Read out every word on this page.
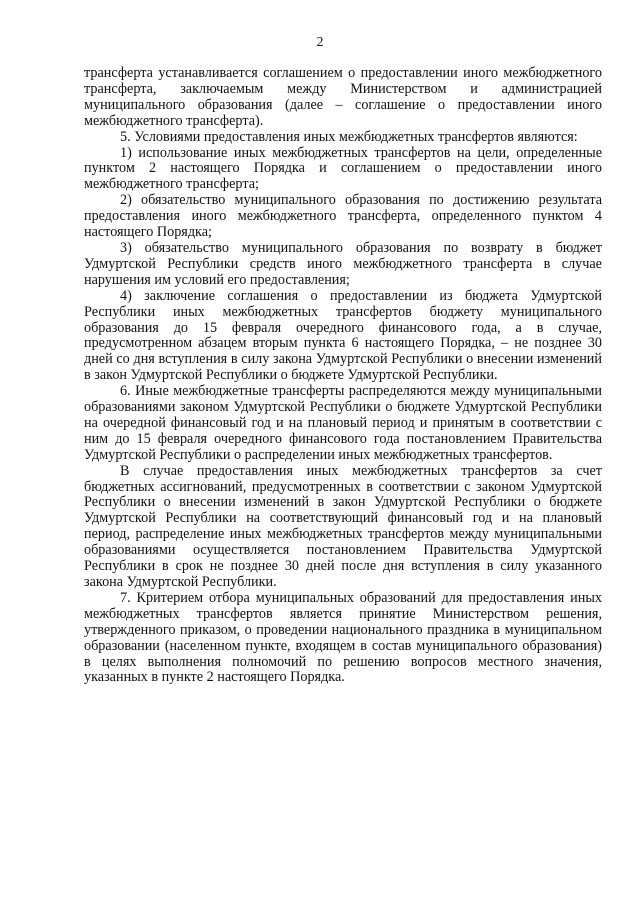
2

трансферта устанавливается соглашением о предоставлении иного межбюджетного трансферта, заключаемым между Министерством и администрацией муниципального образования (далее – соглашение о предоставлении иного межбюджетного трансферта).

5. Условиями предоставления иных межбюджетных трансфертов являются:

1) использование иных межбюджетных трансфертов на цели, определенные пунктом 2 настоящего Порядка и соглашением о предоставлении иного межбюджетного трансферта;

2) обязательство муниципального образования по достижению результата предоставления иного межбюджетного трансферта, определенного пунктом 4 настоящего Порядка;

3) обязательство муниципального образования по возврату в бюджет Удмуртской Республики средств иного межбюджетного трансферта в случае нарушения им условий его предоставления;

4) заключение соглашения о предоставлении из бюджета Удмуртской Республики иных межбюджетных трансфертов бюджету муниципального образования до 15 февраля очередного финансового года, а в случае, предусмотренном абзацем вторым пункта 6 настоящего Порядка, – не позднее 30 дней со дня вступления в силу закона Удмуртской Республики о внесении изменений в закон Удмуртской Республики о бюджете Удмуртской Республики.

6. Иные межбюджетные трансферты распределяются между муниципальными образованиями законом Удмуртской Республики о бюджете Удмуртской Республики на очередной финансовый год и на плановый период и принятым в соответствии с ним до 15 февраля очередного финансового года постановлением Правительства Удмуртской Республики о распределении иных межбюджетных трансфертов.

В случае предоставления иных межбюджетных трансфертов за счет бюджетных ассигнований, предусмотренных в соответствии с законом Удмуртской Республики о внесении изменений в закон Удмуртской Республики о бюджете Удмуртской Республики на соответствующий финансовый год и на плановый период, распределение иных межбюджетных трансфертов между муниципальными образованиями осуществляется постановлением Правительства Удмуртской Республики в срок не позднее 30 дней после дня вступления в силу указанного закона Удмуртской Республики.

7. Критерием отбора муниципальных образований для предоставления иных межбюджетных трансфертов является принятие Министерством решения, утвержденного приказом, о проведении национального праздника в муниципальном образовании (населенном пункте, входящем в состав муниципального образования) в целях выполнения полномочий по решению вопросов местного значения, указанных в пункте 2 настоящего Порядка.
